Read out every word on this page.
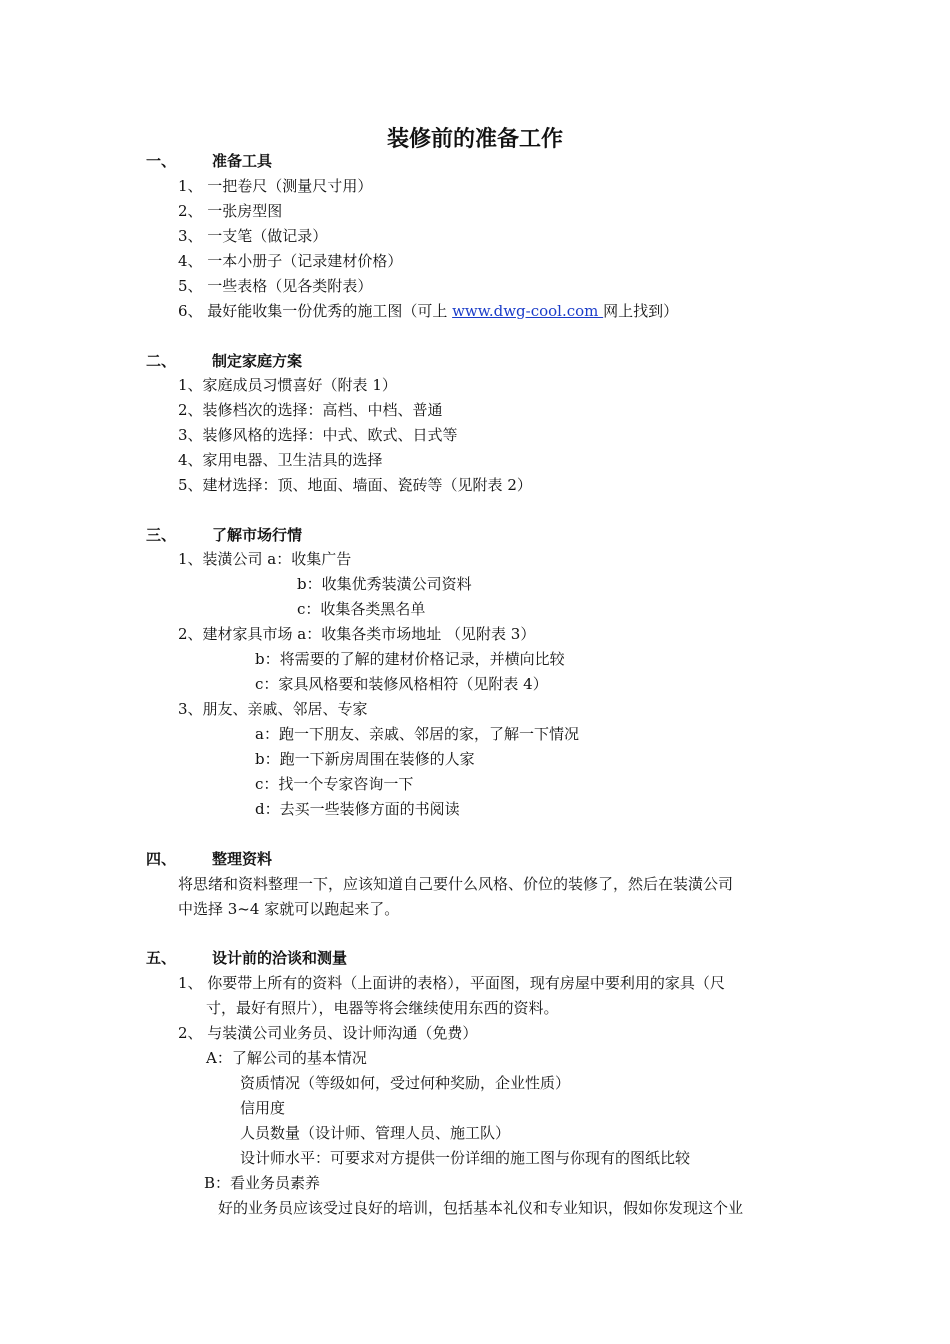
装修前的准备工作
一、 准备工具
1、 一把卷尺（测量尺寸用）
2、 一张房型图
3、 一支笔（做记录）
4、 一本小册子（记录建材价格）
5、 一些表格（见各类附表）
6、 最好能收集一份优秀的施工图（可上 www.dwg-cool.com 网上找到）
二、 制定家庭方案
1、家庭成员习惯喜好（附表 1）
2、装修档次的选择：高档、中档、普通
3、装修风格的选择：中式、欧式、日式等
4、家用电器、卫生洁具的选择
5、建材选择：顶、地面、墙面、瓷砖等（见附表 2）
三、 了解市场行情
1、装潢公司 a：收集广告
b：收集优秀装潢公司资料
c：收集各类黑名单
2、建材家具市场 a：收集各类市场地址 （见附表 3）
b：将需要的了解的建材价格记录，并横向比较
c：家具风格要和装修风格相符（见附表 4）
3、朋友、亲戚、邻居、专家
a：跑一下朋友、亲戚、邻居的家，了解一下情况
b：跑一下新房周围在装修的人家
c：找一个专家咨询一下
d：去买一些装修方面的书阅读
四、 整理资料
将思绪和资料整理一下，应该知道自己要什么风格、价位的装修了，然后在装潢公司
中选择 3~4 家就可以跑起来了。
五、 设计前的洽谈和测量
1、 你要带上所有的资料（上面讲的表格），平面图，现有房屋中要利用的家具（尺
寸，最好有照片），电器等将会继续使用东西的资料。
2、 与装潢公司业务员、设计师沟通（免费）
A：了解公司的基本情况
资质情况（等级如何，受过何种奖励，企业性质）
信用度
人员数量（设计师、管理人员、施工队）
设计师水平：可要求对方提供一份详细的施工图与你现有的图纸比较
B：看业务员素养
好的业务员应该受过良好的培训，包括基本礼仪和专业知识，假如你发现这个业
